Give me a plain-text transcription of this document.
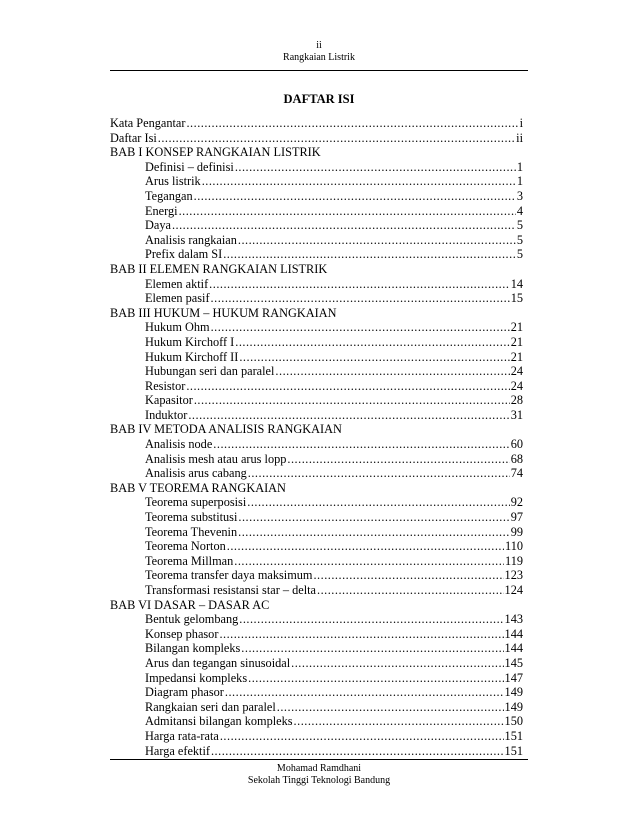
ii
Rangkaian Listrik
DAFTAR ISI
Kata Pengantar .....	i
Daftar Isi .....	ii
BAB I KONSEP RANGKAIAN LISTRIK
Definisi – definisi .....	1
Arus listrik .....	1
Tegangan .....	3
Energi .....	4
Daya .....	5
Analisis rangkaian .....	5
Prefix dalam SI .....	5
BAB II ELEMEN RANGKAIAN LISTRIK
Elemen aktif .....	14
Elemen pasif .....	15
BAB III HUKUM – HUKUM RANGKAIAN
Hukum Ohm .....	21
Hukum Kirchoff I .....	21
Hukum Kirchoff II .....	21
Hubungan seri dan paralel .....	24
Resistor .....	24
Kapasitor .....	28
Induktor .....	31
BAB IV METODA ANALISIS RANGKAIAN
Analisis node .....	60
Analisis mesh atau arus lopp .....	68
Analisis arus cabang .....	74
BAB V TEOREMA RANGKAIAN
Teorema superposisi .....	92
Teorema substitusi .....	97
Teorema Thevenin .....	99
Teorema Norton .....	110
Teorema Millman .....	119
Teorema transfer daya maksimum .....	123
Transformasi resistansi star – delta .....	124
BAB VI DASAR – DASAR AC
Bentuk gelombang .....	143
Konsep phasor .....	144
Bilangan kompleks .....	144
Arus dan tegangan sinusoidal .....	145
Impedansi kompleks .....	147
Diagram phasor .....	149
Rangkaian seri dan paralel .....	149
Admitansi bilangan kompleks .....	150
Harga rata-rata .....	151
Harga efektif .....	151
Mohamad Ramdhani
Sekolah Tinggi Teknologi Bandung
